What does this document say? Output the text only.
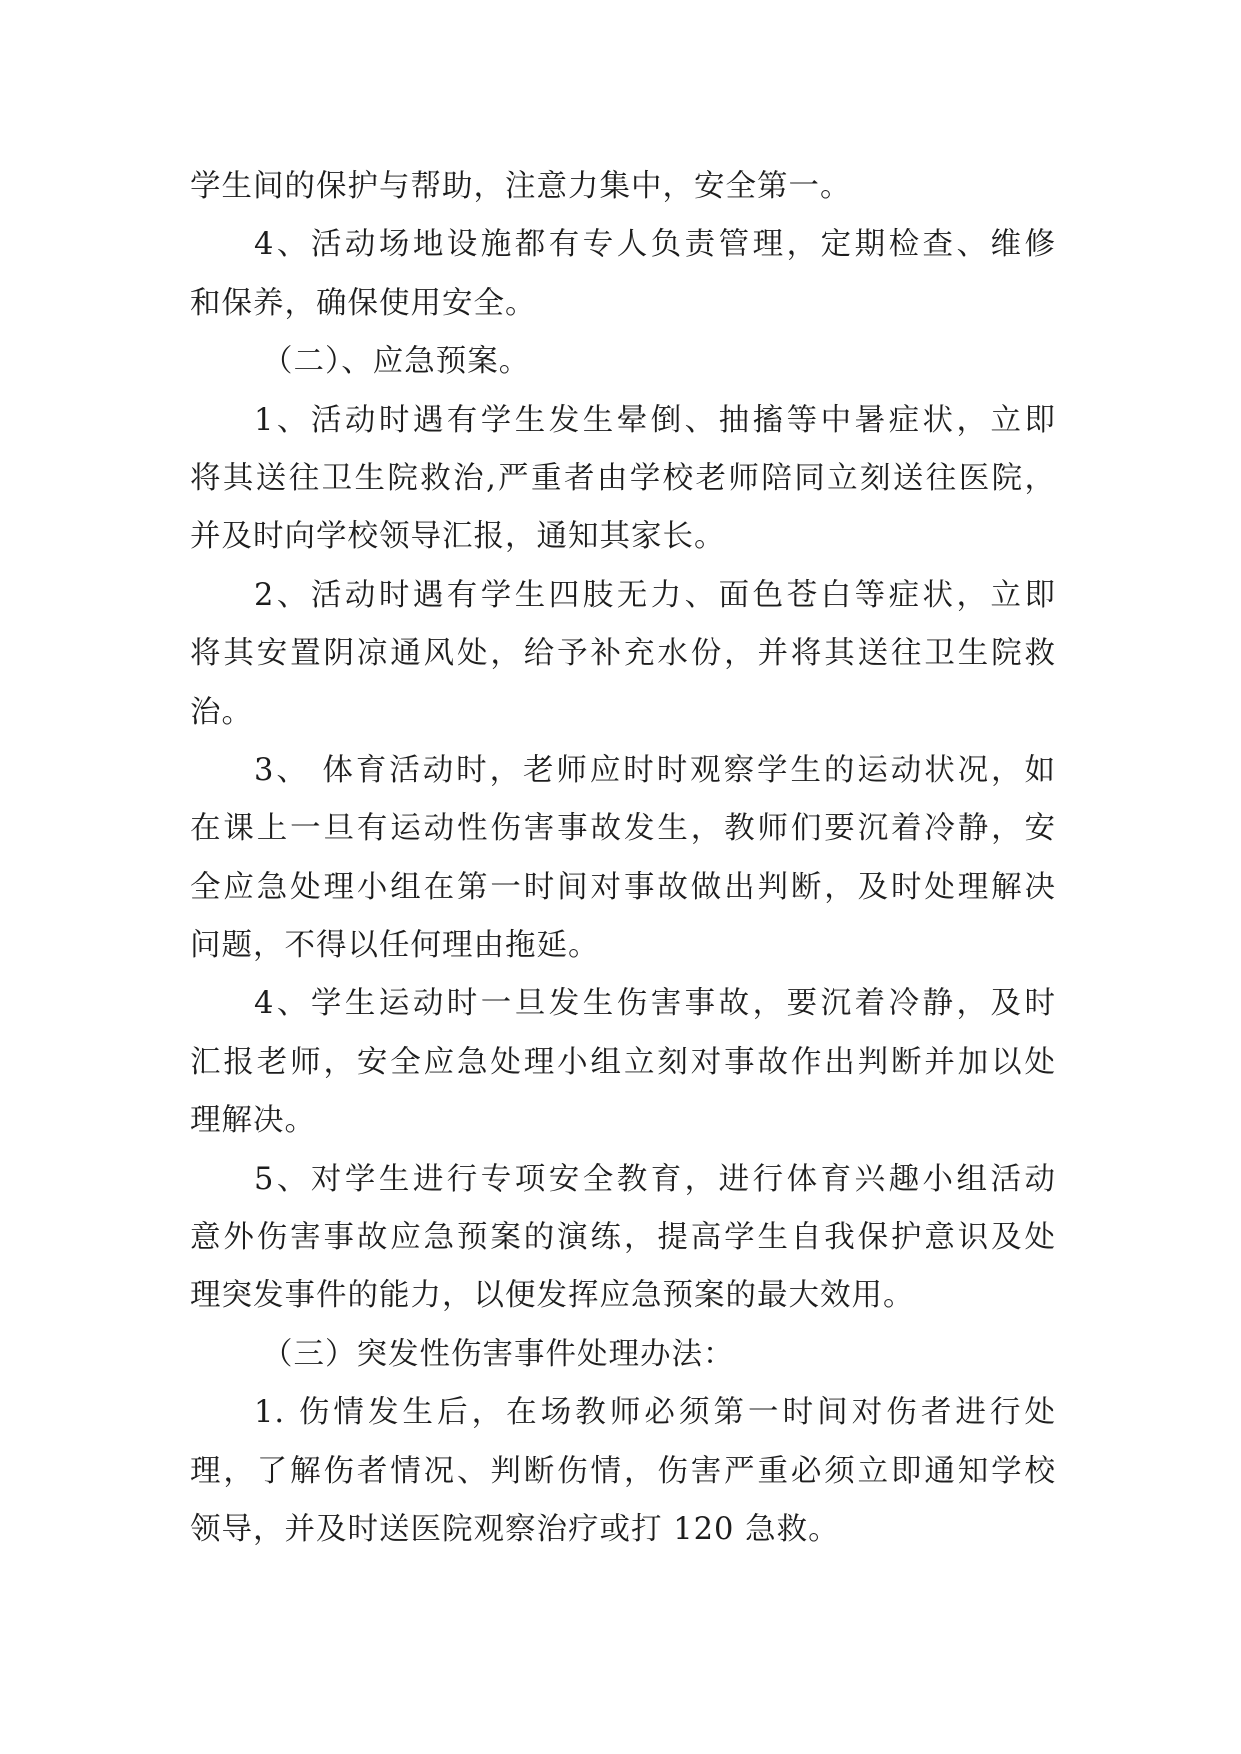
学生间的保护与帮助，注意力集中，安全第一。
4、活动场地设施都有专人负责管理，定期检查、维修
和保养，确保使用安全。
（二）、应急预案。
1、活动时遇有学生发生晕倒、抽搐等中暑症状，立即
将其送往卫生院救治,严重者由学校老师陪同立刻送往医院，
并及时向学校领导汇报，通知其家长。
2、活动时遇有学生四肢无力、面色苍白等症状，立即
将其安置阴凉通风处，给予补充水份，并将其送往卫生院救
治。
3、 体育活动时，老师应时时观察学生的运动状况，如
在课上一旦有运动性伤害事故发生，教师们要沉着冷静，安
全应急处理小组在第一时间对事故做出判断，及时处理解决
问题，不得以任何理由拖延。
4、学生运动时一旦发生伤害事故，要沉着冷静，及时
汇报老师，安全应急处理小组立刻对事故作出判断并加以处
理解决。
5、对学生进行专项安全教育，进行体育兴趣小组活动
意外伤害事故应急预案的演练，提高学生自我保护意识及处
理突发事件的能力，以便发挥应急预案的最大效用。
（三）突发性伤害事件处理办法：
1. 伤情发生后，在场教师必须第一时间对伤者进行处
理，了解伤者情况、判断伤情，伤害严重必须立即通知学校
领导，并及时送医院观察治疗或打 120 急救。
